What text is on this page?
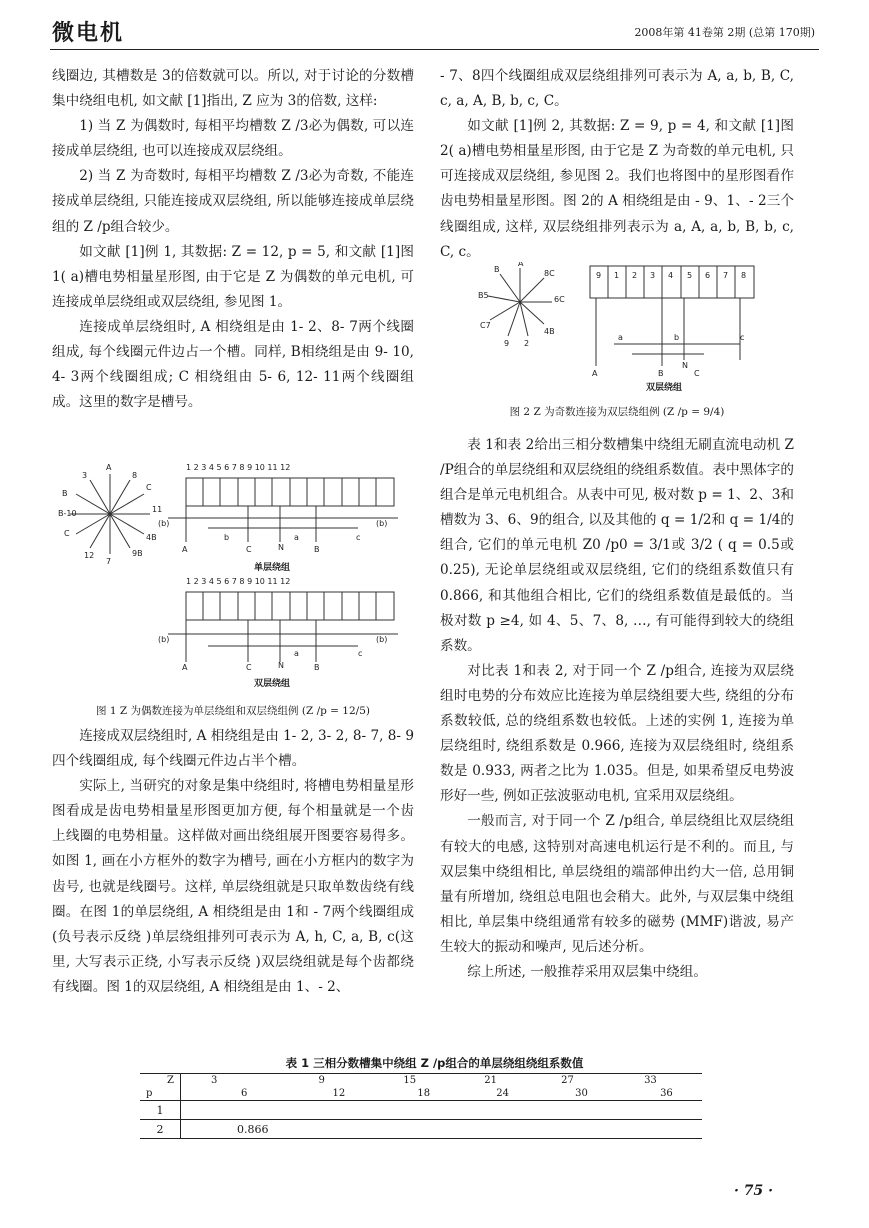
微电机	2008年第 41卷第 2期 (总第 170期)

线圈边, 其槽数是 3的倍数就可以。所以, 对于讨论的分数槽集中绕组电机, 如文献 [1]指出, Z 应为 3的倍数, 这样:

1) 当 Z 为偶数时, 每相平均槽数 Z /3必为偶数, 可以连接成单层绕组, 也可以连接成双层绕组。

2) 当 Z 为奇数时, 每相平均槽数 Z /3必为奇数, 不能连接成单层绕组, 只能连接成双层绕组, 所以能够连接成单层绕组的 Z /p组合较少。

如文献 [1]例 1, 其数据: Z = 12, p = 5, 和文献 [1]图 1( a)槽电势相量星形图, 由于它是 Z 为偶数的单元电机, 可连接成单层绕组或双层绕组, 参见图 1。

连接成单层绕组时, A 相绕组是由 1- 2、8- 7两个线圈组成, 每个线圈元件边占一个槽。同样, B相绕组是由 9- 10, 4- 3两个线圈组成; C 相绕组由 5- 6, 12- 11两个线圈组成。这里的数字是槽号。

A
8
C
11
4B
9B
7
12
C
B-10
B
3
1 2 3 4 5 6 7 8 9 10 11 12
A	C	N	B
b	a	c
(b)	(b)
单层绕组
1 2 3 4 5 6 7 8 9 10 11 12
A	C	N	B
a	c
(b)	(b)
双层绕组
图 1 Z 为偶数连接为单层绕组和双层绕组例 (Z /p = 12/5)

连接成双层绕组时, A 相绕组是由 1- 2, 3- 2, 8- 7, 8- 9四个线圈组成, 每个线圈元件边占半个槽。

实际上, 当研究的对象是集中绕组时, 将槽电势相量星形图看成是齿电势相量星形图更加方便, 每个相量就是一个齿上线圈的电势相量。这样做对画出绕组展开图要容易得多。如图 1, 画在小方框外的数字为槽号, 画在小方框内的数字为齿号, 也就是线圈号。这样, 单层绕组就是只取单数齿绕有线圈。在图 1的单层绕组, A 相绕组是由 1和 - 7两个线圈组成 (负号表示反绕 )单层绕组排列可表示为 A, h, C, a, B, c(这里, 大写表示正绕, 小写表示反绕 )双层绕组就是每个齿都绕有线圈。图 1的双层绕组, A 相绕组是由 1、- 2、

- 7、8四个线圈组成双层绕组排列可表示为 A, a, b, B, C, c, a, A, B, b, c, C。

如文献 [1]例 2, 其数据: Z = 9, p = 4, 和文献 [1]图 2( a)槽电势相量星形图, 由于它是 Z 为奇数的单元电机, 只可连接成双层绕组, 参见图 2。我们也将图中的星形图看作齿电势相量星形图。图 2的 A 相绕组是由 - 9、1、- 2三个线圈组成, 这样, 双层绕组排列表示为 a, A, a, b, B, b, c, C, c。

A
8C
6C
4B
2
9
C7
B5
B
9 1 2 3 4 5 6 7 8
A
a	b
N
B	C
c
双层绕组
图 2 Z 为奇数连接为双层绕组例 (Z /p = 9/4)

表 1和表 2给出三相分数槽集中绕组无刷直流电动机 Z /P组合的单层绕组和双层绕组的绕组系数值。表中黑体字的组合是单元电机组合。从表中可见, 极对数 p = 1、2、3和槽数为 3、6、9的组合, 以及其他的 q = 1/2和 q = 1/4的组合, 它们的单元电机 Z0 /p0 = 3/1或 3/2 ( q = 0.5或 0.25), 无论单层绕组或双层绕组, 它们的绕组系数值只有 0.866, 和其他组合相比, 它们的绕组系数值是最低的。当极对数 p ≥4, 如 4、5、7、8, …, 有可能得到较大的绕组系数。

对比表 1和表 2, 对于同一个 Z /p组合, 连接为双层绕组时电势的分布效应比连接为单层绕组要大些, 绕组的分布系数较低, 总的绕组系数也较低。上述的实例 1, 连接为单层绕组时, 绕组系数是 0.966, 连接为双层绕组时, 绕组系数是 0.933, 两者之比为 1.035。但是, 如果希望反电势波形好一些, 例如正弦波驱动电机, 宜采用双层绕组。

一般而言, 对于同一个 Z /p组合, 单层绕组比双层绕组有较大的电感, 这特别对高速电机运行是不利的。而且, 与双层集中绕组相比, 单层绕组的端部伸出约大一倍, 总用铜量有所增加, 绕组总电阻也会稍大。此外, 与双层集中绕组相比, 单层集中绕组通常有较多的磁势 (MMF)谐波, 易产生较大的振动和噪声, 见后述分析。

综上所述, 一般推荐采用双层集中绕组。

表 1 三相分数槽集中绕组 Z /p组合的单层绕组绕组系数值
Z	3	9	15	21	27	33
p	6	12	18	24	30	36
1						
2	0.866					
· 75 ·
